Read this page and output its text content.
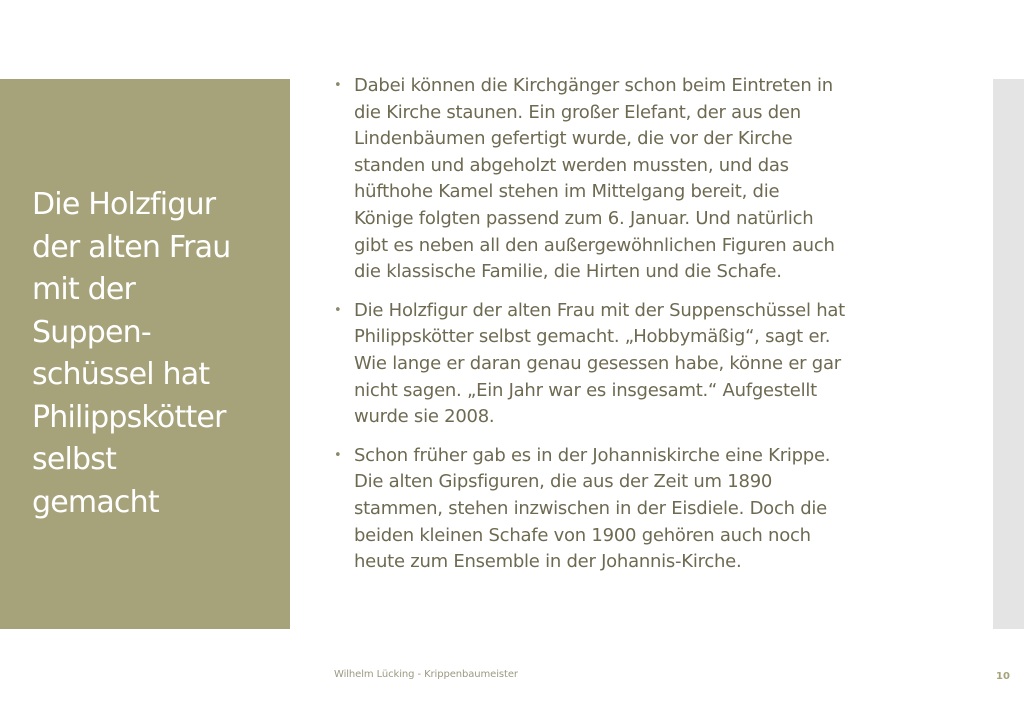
Die Holzfigur
der alten Frau
mit der
Suppen-
schüssel hat
Philippskötter
selbst
gemacht
• Dabei können die Kirchgänger schon beim Eintreten in
die Kirche staunen. Ein großer Elefant, der aus den
Lindenbäumen gefertigt wurde, die vor der Kirche
standen und abgeholzt werden mussten, und das
hüfthohe Kamel stehen im Mittelgang bereit, die
Könige folgten passend zum 6. Januar. Und natürlich
gibt es neben all den außergewöhnlichen Figuren auch
die klassische Familie, die Hirten und die Schafe.
• Die Holzfigur der alten Frau mit der Suppenschüssel hat
Philippskötter selbst gemacht. „Hobbymäßig“, sagt er.
Wie lange er daran genau gesessen habe, könne er gar
nicht sagen. „Ein Jahr war es insgesamt.“ Aufgestellt
wurde sie 2008.
• Schon früher gab es in der Johanniskirche eine Krippe.
Die alten Gipsfiguren, die aus der Zeit um 1890
stammen, stehen inzwischen in der Eisdiele. Doch die
beiden kleinen Schafe von 1900 gehören auch noch
heute zum Ensemble in der Johannis-Kirche.
Wilhelm Lücking - Krippenbaumeister	10
